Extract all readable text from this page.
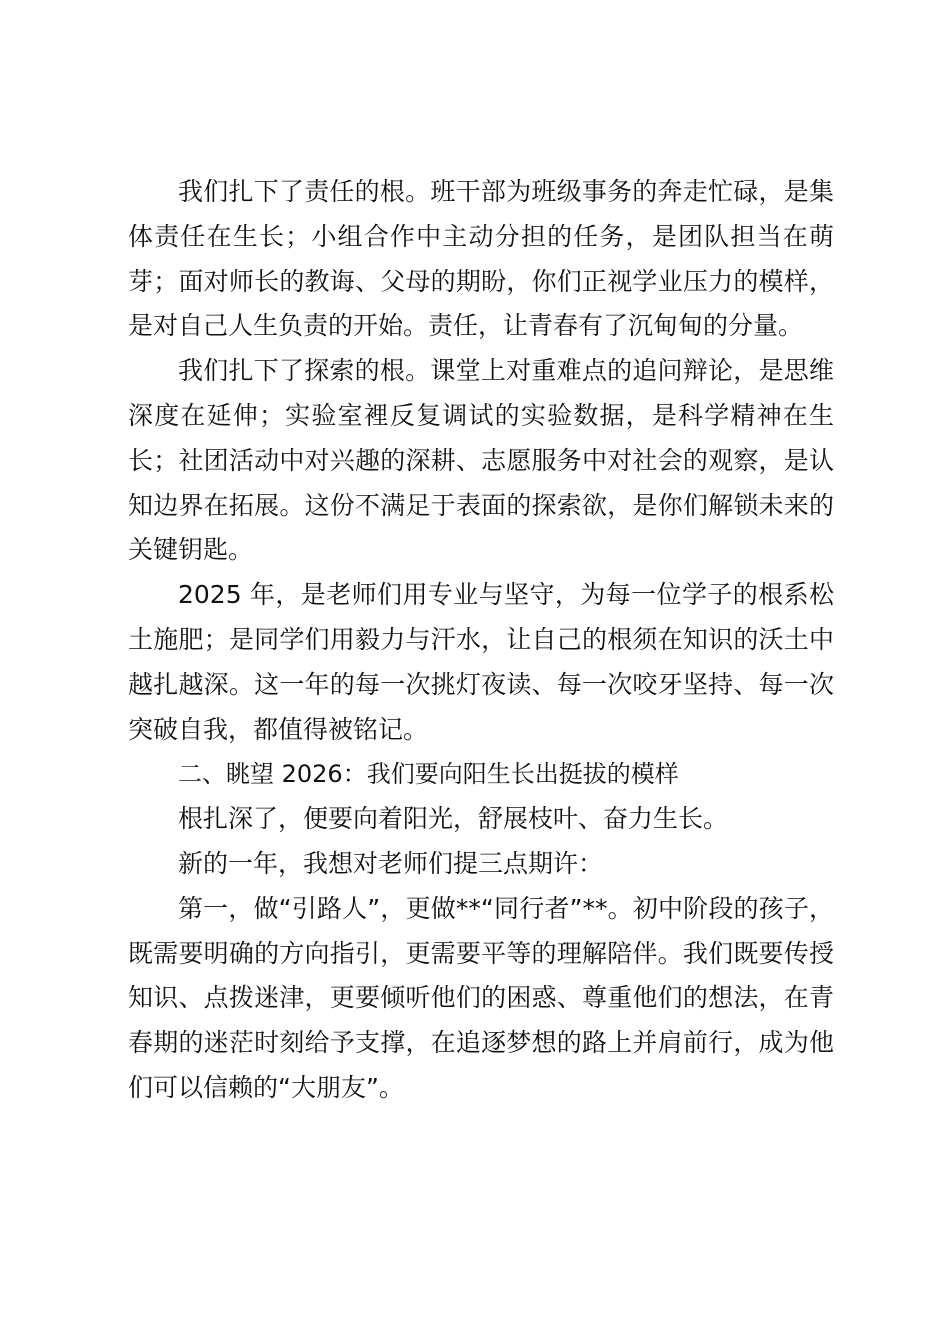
我们扎下了责任的根。班干部为班级事务的奔走忙碌，是集体责任在生长；小组合作中主动分担的任务，是团队担当在萌芽；面对师长的教诲、父母的期盼，你们正视学业压力的模样，是对自己人生负责的开始。责任，让青春有了沉甸甸的分量。

我们扎下了探索的根。课堂上对重难点的追问辩论，是思维深度在延伸；实验室裡反复调试的实验数据，是科学精神在生长；社团活动中对兴趣的深耕、志愿服务中对社会的观察，是认知边界在拓展。这份不满足于表面的探索欲，是你们解锁未来的关键钥匙。

2025 年，是老师们用专业与坚守，为每一位学子的根系松土施肥；是同学们用毅力与汗水，让自己的根须在知识的沃土中越扎越深。这一年的每一次挑灯夜读、每一次咬牙坚持、每一次突破自我，都值得被铭记。

二、眺望 2026：我们要向阳生长出挺拔的模样

根扎深了，便要向着阳光，舒展枝叶、奋力生长。

新的一年，我想对老师们提三点期许：

第一，做“引路人”，更做**“同行者”**。初中阶段的孩子，既需要明确的方向指引，更需要平等的理解陪伴。我们既要传授知识、点拨迷津，更要倾听他们的困惑、尊重他们的想法，在青春期的迷茫时刻给予支撑，在追逐梦想的路上并肩前行，成为他们可以信赖的“大朋友”。
